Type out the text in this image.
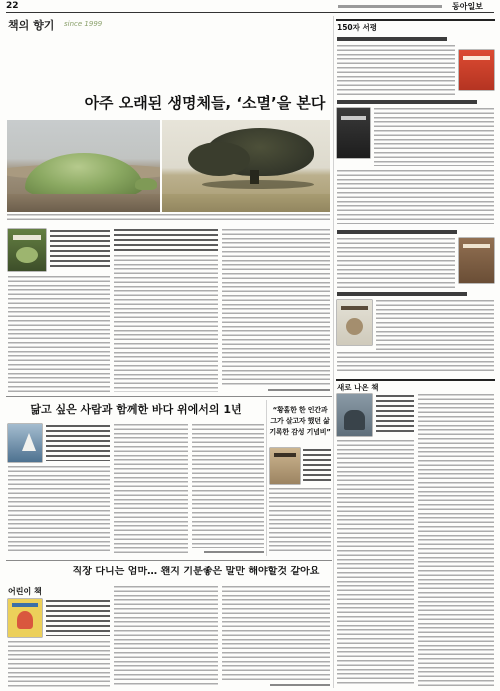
22	동아일보
책의 향기 since 1999
아주 오래된 생명체들, ‘소멸’을 본다
닮고 싶은 사람과 함께한 바다 위에서의 1년	“황홀한 한 인간과
그가 살고자 했던 삶
기록한 감성 기념비”
직장 다니는 엄마… 왠지 기분좋은 말만 해야할것 같아요
어린이 책
150자 서평
새로 나온 책
